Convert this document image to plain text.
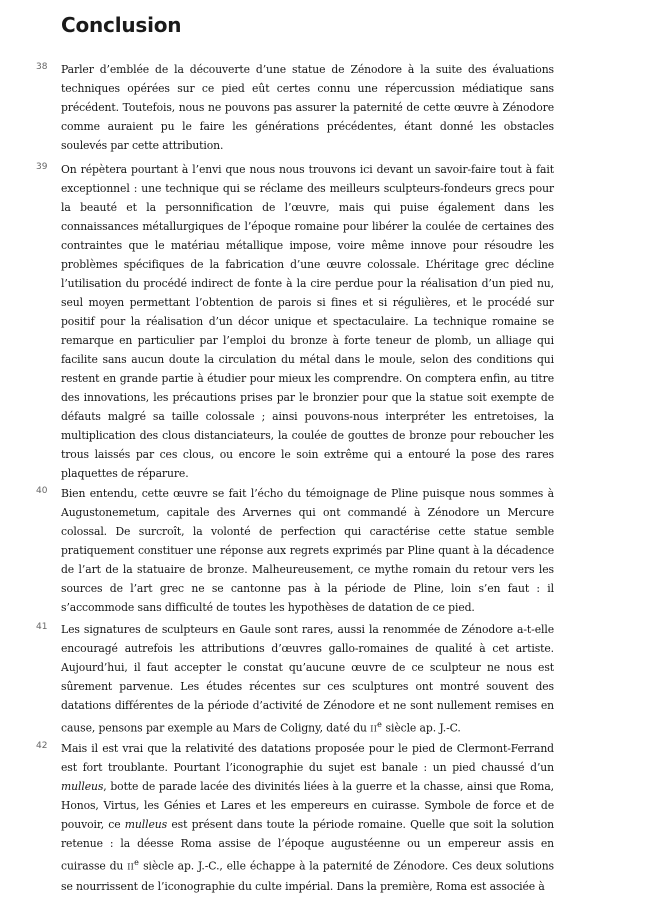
Conclusion
38 Parler d’emblée de la découverte d’une statue de Zénodore à la suite des évaluations techniques opérées sur ce pied eût certes connu une répercussion médiatique sans précédent. Toutefois, nous ne pouvons pas assurer la paternité de cette œuvre à Zénodore comme auraient pu le faire les générations précédentes, étant donné les obstacles soulevés par cette attribution.

39 On répètera pourtant à l’envi que nous nous trouvons ici devant un savoir-faire tout à fait exceptionnel : une technique qui se réclame des meilleurs sculpteurs-fondeurs grecs pour la beauté et la personnification de l’œuvre, mais qui puise également dans les connaissances métallurgiques de l’époque romaine pour libérer la coulée de certaines des contraintes que le matériau métallique impose, voire même innove pour résoudre les problèmes spécifiques de la fabrication d’une œuvre colossale. L’héritage grec décline l’utilisation du procédé indirect de fonte à la cire perdue pour la réalisation d’un pied nu, seul moyen permettant l’obtention de parois si fines et si régulières, et le procédé sur positif pour la réalisation d’un décor unique et spectaculaire. La technique romaine se remarque en particulier par l’emploi du bronze à forte teneur de plomb, un alliage qui facilite sans aucun doute la circulation du métal dans le moule, selon des conditions qui restent en grande partie à étudier pour mieux les comprendre. On comptera enfin, au titre des innovations, les précautions prises par le bronzier pour que la statue soit exempte de défauts malgré sa taille colossale ; ainsi pouvons-nous interpréter les entretoises, la multiplication des clous distanciateurs, la coulée de gouttes de bronze pour reboucher les trous laissés par ces clous, ou encore le soin extrême qui a entouré la pose des rares plaquettes de réparure.

40 Bien entendu, cette œuvre se fait l’écho du témoignage de Pline puisque nous sommes à Augustonemetum, capitale des Arvernes qui ont commandé à Zénodore un Mercure colossal. De surcroît, la volonté de perfection qui caractérise cette statue semble pratiquement constituer une réponse aux regrets exprimés par Pline quant à la décadence de l’art de la statuaire de bronze. Malheureusement, ce mythe romain du retour vers les sources de l’art grec ne se cantonne pas à la période de Pline, loin s’en faut : il s’accommode sans difficulté de toutes les hypothèses de datation de ce pied.

41 Les signatures de sculpteurs en Gaule sont rares, aussi la renommée de Zénodore a-t-elle encouragé autrefois les attributions d’œuvres gallo-romaines de qualité à cet artiste. Aujourd’hui, il faut accepter le constat qu’aucune œuvre de ce sculpteur ne nous est sûrement parvenue. Les études récentes sur ces sculptures ont montré souvent des datations différentes de la période d’activité de Zénodore et ne sont nullement remises en cause, pensons par exemple au Mars de Coligny, daté du IIe siècle ap. J.-C.

42 Mais il est vrai que la relativité des datations proposée pour le pied de Clermont-Ferrand est fort troublante. Pourtant l’iconographie du sujet est banale : un pied chaussé d’un mulleus, botte de parade lacée des divinités liées à la guerre et la chasse, ainsi que Roma, Honos, Virtus, les Génies et Lares et les empereurs en cuirasse. Symbole de force et de pouvoir, ce mulleus est présent dans toute la période romaine. Quelle que soit la solution retenue : la déesse Roma assise de l’époque augustéenne ou un empereur assis en cuirasse du IIe siècle ap. J.-C., elle échappe à la paternité de Zénodore. Ces deux solutions se nourrissent de l’iconographie du culte impérial. Dans la première, Roma est associée à
